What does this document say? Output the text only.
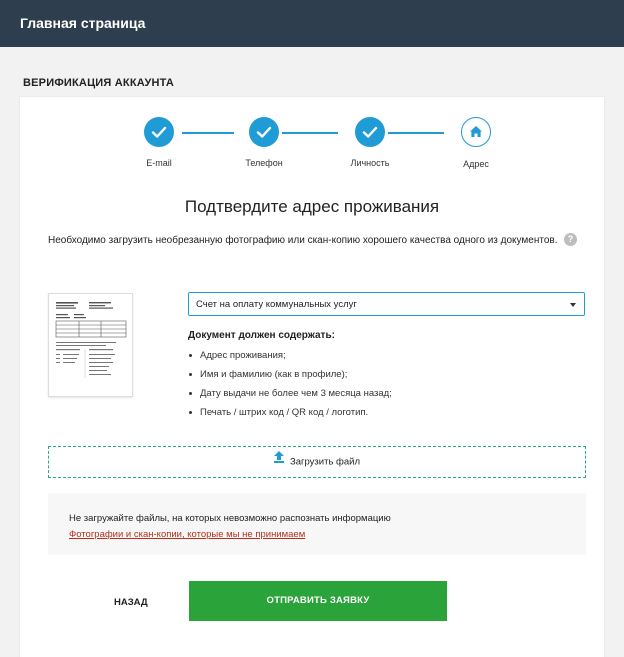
Главная страница
ВЕРИФИКАЦИЯ АККАУНТА
E-mail	Телефон	Личность	Адрес
Подтвердите адрес проживания
Необходимо загрузить необрезанную фотографию или скан-копию хорошего качества одного из документов.	?
Счет на оплату коммунальных услуг
Документ должен содержать:
Адрес проживания;
Имя и фамилию (как в профиле);
Дату выдачи не более чем 3 месяца назад;
Печать / штрих код / QR код / логотип.
Загрузить файл
Не загружайте файлы, на которых невозможно распознать информацию
Фотографии и скан-копии, которые мы не принимаем
НАЗАД	ОТПРАВИТЬ ЗАЯВКУ
